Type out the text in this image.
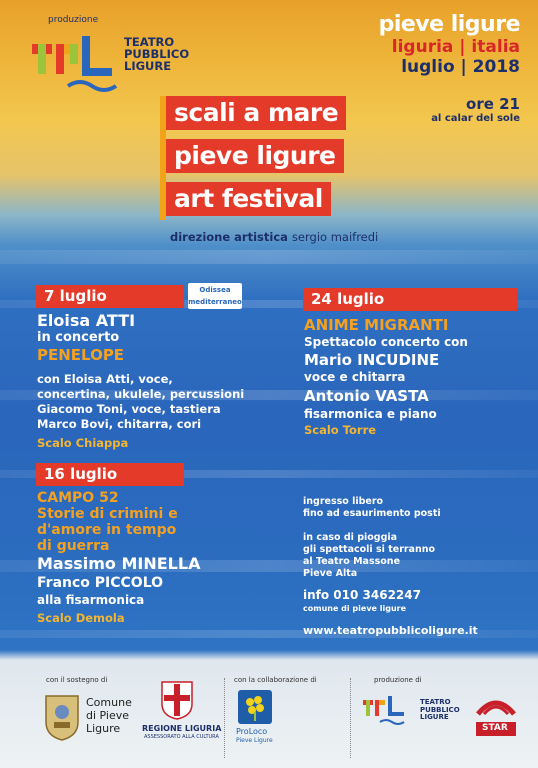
produzione
TEATRO
PUBBLICO
LIGURE
pieve ligure
liguria | italia
luglio | 2018
ore 21
al calar del sole
scali a mare
pieve ligure
art festival
direzione artistica sergio maifredi
7 luglio	Odissea mediterraneo
Eloisa ATTI
in concerto
PENELOPE
con Eloisa Atti, voce,
concertina, ukulele, percussioni
Giacomo Toni, voce, tastiera
Marco Bovi, chitarra, cori
Scalo Chiappa
24 luglio
ANIME MIGRANTI
Spettacolo concerto con
Mario INCUDINE
voce e chitarra
Antonio VASTA
fisarmonica e piano
Scalo Torre
16 luglio
CAMPO 52
Storie di crimini e
d'amore in tempo
di guerra
Massimo MINELLA
Franco PICCOLO
alla fisarmonica
Scalo Demola
ingresso libero
fino ad esaurimento posti
in caso di pioggia
gli spettacoli si terranno
al Teatro Massone
Pieve Alta
info 010 3462247
comune di pieve ligure
www.teatropubblicoligure.it
con il sostegno di
Comune
di Pieve
Ligure	REGIONE LIGURIA
ASSESSORATO ALLA CULTURA
con la collaborazione di
ProLoco
Pieve Ligure
produzione di
TEATRO
PUBBLICO
LIGURE
STAR
